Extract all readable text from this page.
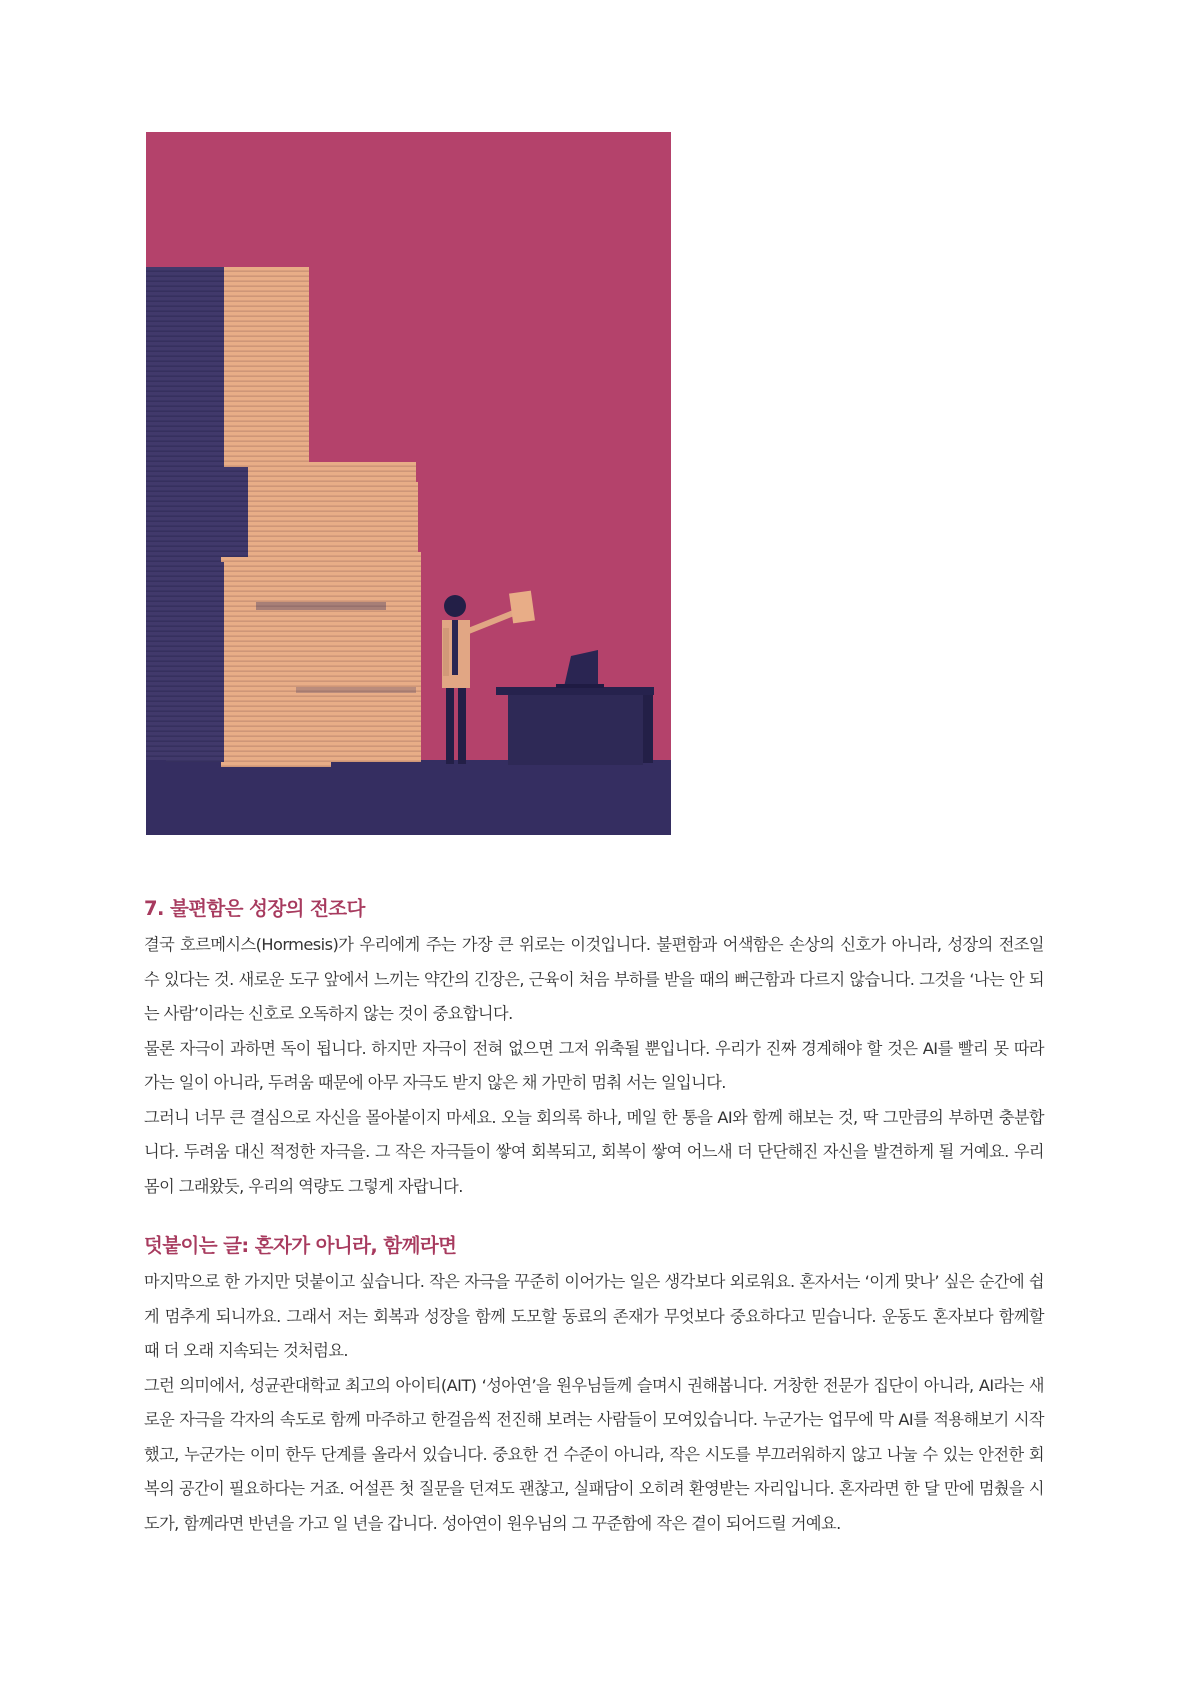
7. 불편함은 성장의 전조다

결국 호르메시스(Hormesis)가 우리에게 주는 가장 큰 위로는 이것입니다. 불편함과 어색함은 손상의 신호가 아니라, 성장의 전조일 수 있다는 것. 새로운 도구 앞에서 느끼는 약간의 긴장은, 근육이 처음 부하를 받을 때의 뻐근함과 다르지 않습니다. 그것을 ‘나는 안 되는 사람’이라는 신호로 오독하지 않는 것이 중요합니다.

물론 자극이 과하면 독이 됩니다. 하지만 자극이 전혀 없으면 그저 위축될 뿐입니다. 우리가 진짜 경계해야 할 것은 AI를 빨리 못 따라가는 일이 아니라, 두려움 때문에 아무 자극도 받지 않은 채 가만히 멈춰 서는 일입니다.

그러니 너무 큰 결심으로 자신을 몰아붙이지 마세요. 오늘 회의록 하나, 메일 한 통을 AI와 함께 해보는 것, 딱 그만큼의 부하면 충분합니다. 두려움 대신 적정한 자극을. 그 작은 자극들이 쌓여 회복되고, 회복이 쌓여 어느새 더 단단해진 자신을 발견하게 될 거예요. 우리 몸이 그래왔듯, 우리의 역량도 그렇게 자랍니다.

덧붙이는 글: 혼자가 아니라, 함께라면

마지막으로 한 가지만 덧붙이고 싶습니다. 작은 자극을 꾸준히 이어가는 일은 생각보다 외로워요. 혼자서는 ‘이게 맞나’ 싶은 순간에 쉽게 멈추게 되니까요. 그래서 저는 회복과 성장을 함께 도모할 동료의 존재가 무엇보다 중요하다고 믿습니다. 운동도 혼자보다 함께할 때 더 오래 지속되는 것처럼요.

그런 의미에서, 성균관대학교 최고의 아이티(AIT) ‘성아연’을 원우님들께 슬며시 권해봅니다. 거창한 전문가 집단이 아니라, AI라는 새로운 자극을 각자의 속도로 함께 마주하고 한걸음씩 전진해 보려는 사람들이 모여있습니다. 누군가는 업무에 막 AI를 적용해보기 시작했고, 누군가는 이미 한두 단계를 올라서 있습니다. 중요한 건 수준이 아니라, 작은 시도를 부끄러워하지 않고 나눌 수 있는 안전한 회복의 공간이 필요하다는 거죠. 어설픈 첫 질문을 던져도 괜찮고, 실패담이 오히려 환영받는 자리입니다. 혼자라면 한 달 만에 멈췄을 시도가, 함께라면 반년을 가고 일 년을 갑니다. 성아연이 원우님의 그 꾸준함에 작은 곁이 되어드릴 거예요.
